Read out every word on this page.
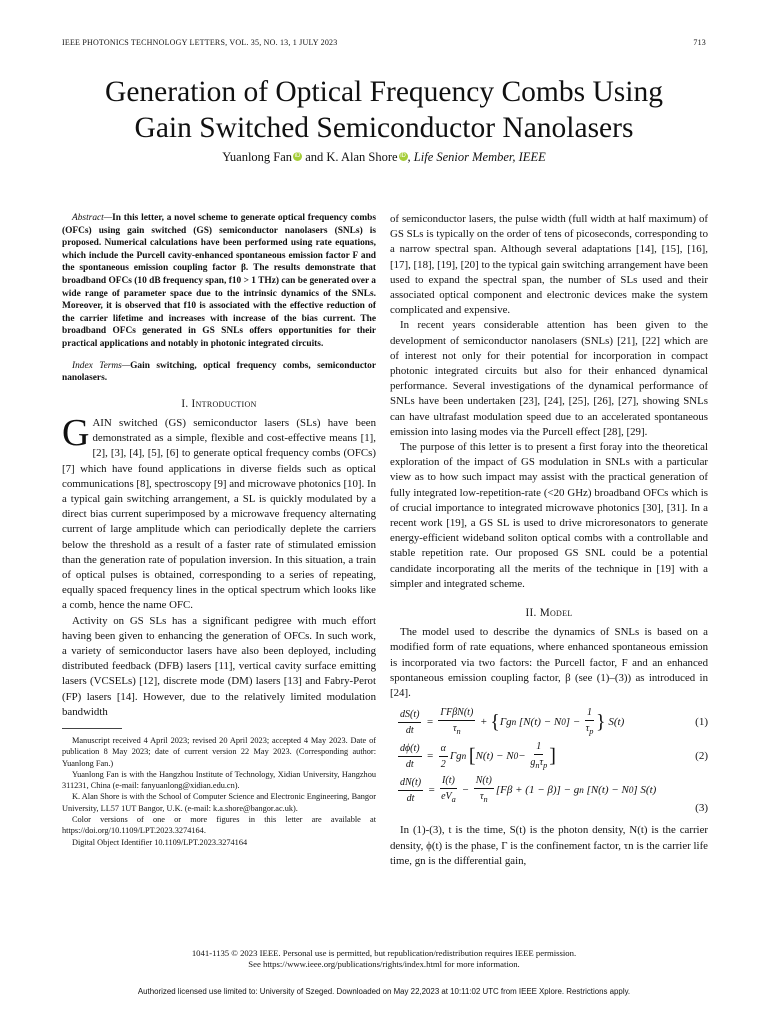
IEEE PHOTONICS TECHNOLOGY LETTERS, VOL. 35, NO. 13, 1 JULY 2023	713
Generation of Optical Frequency Combs Using
Gain Switched Semiconductor Nanolasers
Yuanlong Fan iD and K. Alan Shore iD , Life Senior Member, IEEE

Abstract—In this letter, a novel scheme to generate optical frequency combs (OFCs) using gain switched (GS) semiconductor nanolasers (SNLs) is proposed. Numerical calculations have been performed using rate equations, which include the Purcell cavity-enhanced spontaneous emission factor F and the spontaneous emission coupling factor β. The results demonstrate that broadband OFCs (10 dB frequency span, f10 > 1 THz) can be generated over a wide range of parameter space due to the intrinsic dynamics of the SNLs. Moreover, it is observed that f10 is associated with the effective reduction of the carrier lifetime and increases with increase of the bias current. The broadband OFCs generated in GS SNLs offers opportunities for their practical applications and notably in photonic integrated circuits.

Index Terms—Gain switching, optical frequency combs, semiconductor nanolasers.

I. Introduction

GAIN switched (GS) semiconductor lasers (SLs) have been demonstrated as a simple, flexible and cost-effective means [1], [2], [3], [4], [5], [6] to generate optical frequency combs (OFCs) [7] which have found applications in diverse fields such as optical communications [8], spectroscopy [9] and microwave photonics [10]. In a typical gain switching arrangement, a SL is quickly modulated by a direct bias current superimposed by a microwave frequency alternating current of large amplitude which can periodically deplete the carriers below the threshold as a result of a faster rate of stimulated emission than the generation rate of population inversion. In this situation, a train of optical pulses is obtained, corresponding to a series of repeating, equally spaced frequency lines in the optical spectrum which looks like a comb, hence the name OFC.

Activity on GS SLs has a significant pedigree with much effort having been given to enhancing the generation of OFCs. In such work, a variety of semiconductor lasers have also been deployed, including distributed feedback (DFB) lasers [11], vertical cavity surface emitting lasers (VCSELs) [12], discrete mode (DM) lasers [13] and Fabry-Perot (FP) lasers [14]. However, due to the relatively limited modulation bandwidth

Manuscript received 4 April 2023; revised 20 April 2023; accepted 4 May 2023. Date of publication 8 May 2023; date of current version 22 May 2023. (Corresponding author: Yuanlong Fan.)

Yuanlong Fan is with the Hangzhou Institute of Technology, Xidian University, Hangzhou 311231, China (e-mail: fanyuanlong@xidian.edu.cn).

K. Alan Shore is with the School of Computer Science and Electronic Engineering, Bangor University, LL57 1UT Bangor, U.K. (e-mail: k.a.shore@bangor.ac.uk).

Color versions of one or more figures in this letter are available at https://doi.org/10.1109/LPT.2023.3274164.

Digital Object Identifier 10.1109/LPT.2023.3274164

of semiconductor lasers, the pulse width (full width at half maximum) of GS SLs is typically on the order of tens of picoseconds, corresponding to a narrow spectral span. Although several adaptations [14], [15], [16], [17], [18], [19], [20] to the typical gain switching arrangement have been used to expand the spectral span, the number of SLs used and their associated optical component and electronic devices make the system complicated and expensive.

In recent years considerable attention has been given to the development of semiconductor nanolasers (SNLs) [21], [22] which are of interest not only for their potential for incorporation in compact photonic integrated circuits but also for their enhanced dynamical performance. Several investigations of the dynamical performance of SNLs have been undertaken [23], [24], [25], [26], [27], showing SNLs can have ultrafast modulation speed due to an accelerated spontaneous emission into lasing modes via the Purcell effect [28], [29].

The purpose of this letter is to present a first foray into the theoretical exploration of the impact of GS modulation in SNLs with a particular view as to how such impact may assist with the practical generation of fully integrated low-repetition-rate (<20 GHz) broadband OFCs which is of crucial importance to integrated microwave photonics [30], [31]. In a recent work [19], a GS SL is used to drive microresonators to generate energy-efficient wideband soliton optical combs with a controllable and stable repetition rate. Our proposed GS SNL could be a potential candidate incorporating all the merits of the technique in [19] with a simpler and integrated scheme.

II. Model

The model used to describe the dynamics of SNLs is based on a modified form of rate equations, where enhanced spontaneous emission is incorporated via two factors: the Purcell factor, F and an enhanced spontaneous emission coupling factor, β (see (1)–(3)) as introduced in [24].

$\frac{dS(t)}{dt} = \frac{\text{ΓFβN(t)}}{\tau_n}$ + { Γg n [N(t) − N 0 ] − $\frac{1}{\tau_p}$ } S(t)	(1)
$\frac{d\phi(t)}{dt} = \frac{\alpha}{2}$ Γg n
[ N(t) − N $0 - \frac{1}{g_n\tau_p}$ ]	(2)
$\frac{dN(t)}{dt} = \frac{I(t)}{eV_a} - \frac{N(t)}{\tau_n} [F\beta + (1 - \beta)] - g$ n [N(t) − N 0 ] S(t)
(3)

In (1)-(3), t is the time, S(t) is the photon density, N(t) is the carrier density, ϕ(t) is the phase, Γ is the confinement factor, τn is the carrier life time, gn is the differential gain,

1041-1135 © 2023 IEEE. Personal use is permitted, but republication/redistribution requires IEEE permission.
See https://www.ieee.org/publications/rights/index.html for more information.
Authorized licensed use limited to: University of Szeged. Downloaded on May 22,2023 at 10:11:02 UTC from IEEE Xplore. Restrictions apply.
